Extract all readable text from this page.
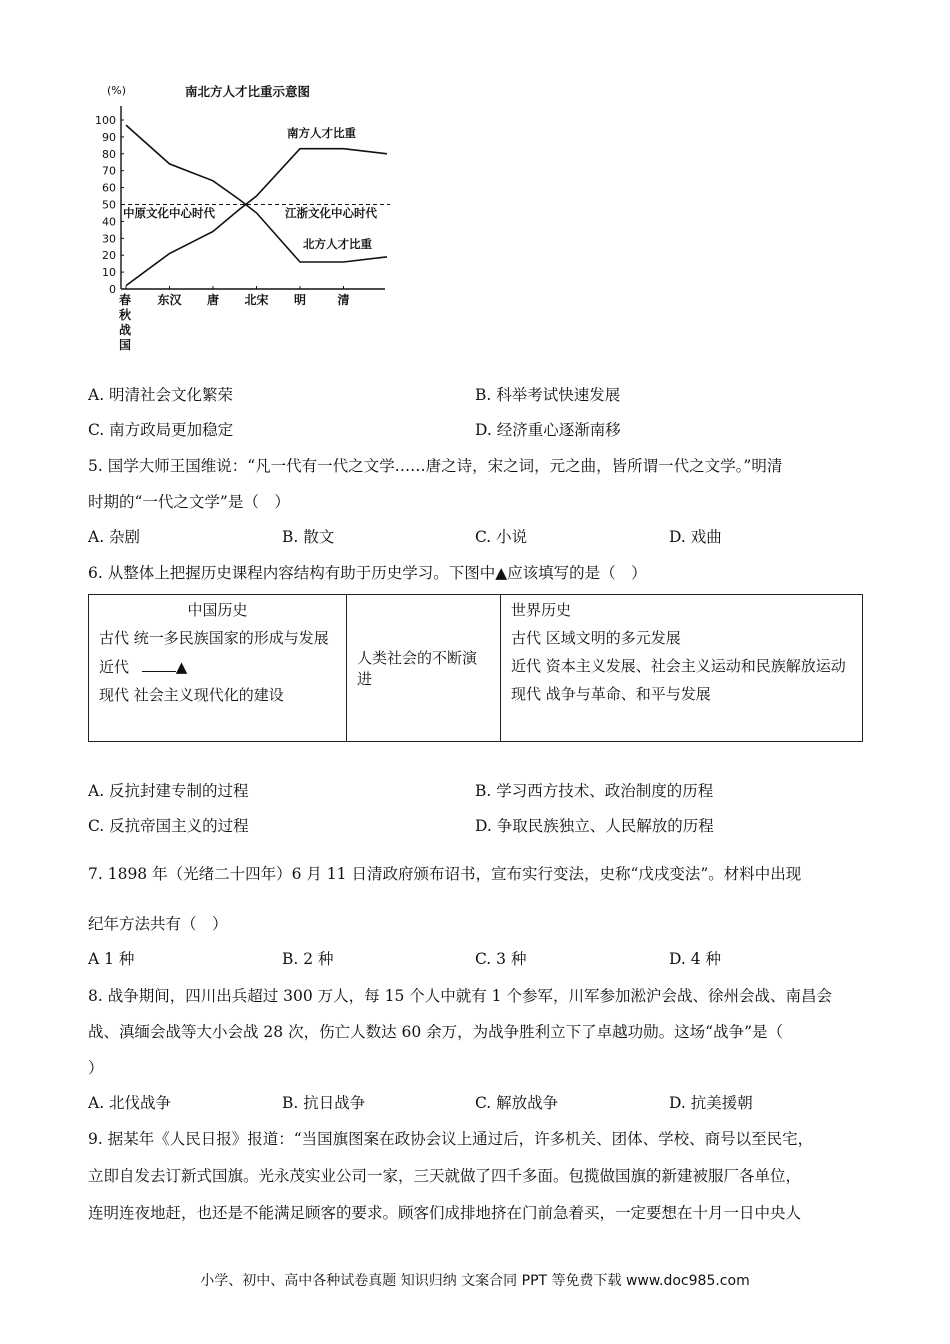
(%)	南北方人才比重示意图
100
90
80
70
60
50
40
30
20
10
0
春
秋
战
国
东汉 唐 北宋 明	清
南方人才比重
中原文化中心时代	江浙文化中心时代
北方人才比重
A. 明清社会文化繁荣	B. 科举考试快速发展
C. 南方政局更加稳定	D. 经济重心逐渐南移
5. 国学大师王国维说：“凡一代有一代之文学……唐之诗，宋之词，元之曲，皆所谓一代之文学。”明清
时期的“一代之文学”是（　）
A. 杂剧	B. 散文	C. 小说	D. 戏曲
6. 从整体上把握历史课程内容结构有助于历史学习。下图中▲应该填写的是（　）
中国历史
古代 统一多民族国家的形成与发展
近代	▲
现代 社会主义现代化的建设

人类社会的不断演进

世界历史
古代 区域文明的多元发展
近代 资本主义发展、社会主义运动和民族解放运动
现代 战争与革命、和平与发展
A. 反抗封建专制的过程	B. 学习西方技术、政治制度的历程
C. 反抗帝国主义的过程	D. 争取民族独立、人民解放的历程
7. 1898 年（光绪二十四年）6 月 11 日清政府颁布诏书，宣布实行变法，史称“戊戌变法”。材料中出现
纪年方法共有（　）
A 1 种	B. 2 种	C. 3 种	D. 4 种
8. 战争期间，四川出兵超过 300 万人，每 15 个人中就有 1 个参军，川军参加淞沪会战、徐州会战、南昌会
战、滇缅会战等大小会战 28 次，伤亡人数达 60 余万，为战争胜利立下了卓越功勋。这场“战争”是（
）
A. 北伐战争	B. 抗日战争	C. 解放战争	D. 抗美援朝
9. 据某年《人民日报》报道：“当国旗图案在政协会议上通过后，许多机关、团体、学校、商号以至民宅，
立即自发去订新式国旗。光永茂实业公司一家，三天就做了四千多面。包揽做国旗的新建被服厂各单位，
连明连夜地赶，也还是不能满足顾客的要求。顾客们成排地挤在门前急着买，一定要想在十月一日中央人
小学、初中、高中各种试卷真题 知识归纳 文案合同 PPT 等免费下载 www.doc985.com
